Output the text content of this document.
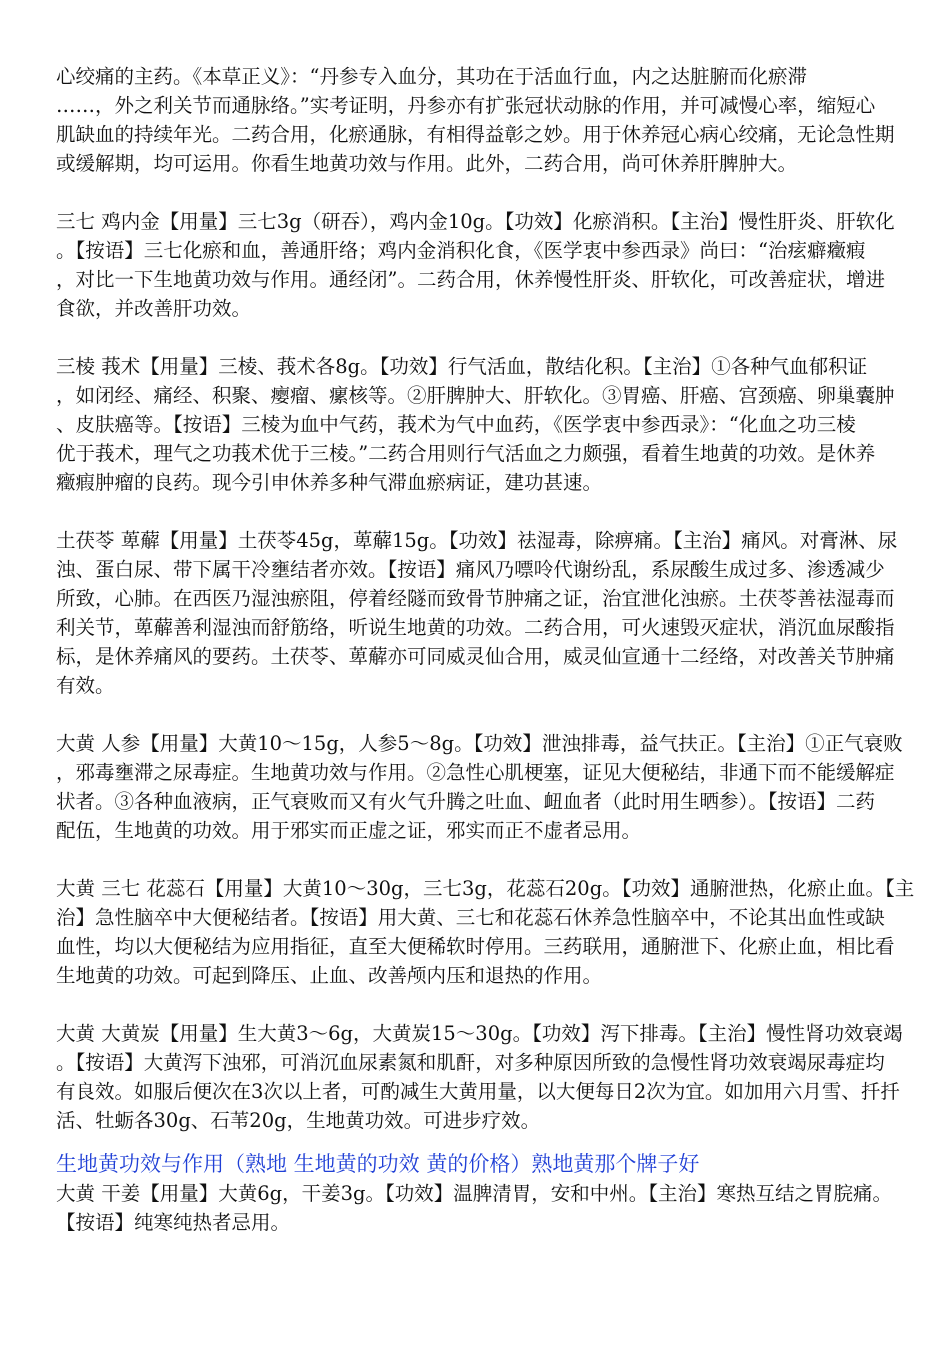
心绞痛的主药。《本草正义》：“丹参专入血分，其功在于活血行血，内之达脏腑而化瘀滞
……，外之利关节而通脉络。”实考证明，丹参亦有扩张冠状动脉的作用，并可减慢心率，缩短心
肌缺血的持续年光。二药合用，化瘀通脉，有相得益彰之妙。用于休养冠心病心绞痛，无论急性期
或缓解期，均可运用。你看生地黄功效与作用。此外，二药合用，尚可休养肝脾肿大。
三七 鸡内金【用量】三七3g（研吞），鸡内金10g。【功效】化瘀消积。【主治】慢性肝炎、肝软化
。【按语】三七化瘀和血，善通肝络；鸡内金消积化食，《医学衷中参西录》尚曰：“治痃癖癥瘕
，对比一下生地黄功效与作用。通经闭”。二药合用，休养慢性肝炎、肝软化，可改善症状，增进
食欲，并改善肝功效。
三棱 莪术【用量】三棱、莪术各8g。【功效】行气活血，散结化积。【主治】①各种气血郁积证
，如闭经、痛经、积聚、瘿瘤、瘰核等。②肝脾肿大、肝软化。③胃癌、肝癌、宫颈癌、卵巢囊肿
、皮肤癌等。【按语】三棱为血中气药，莪术为气中血药，《医学衷中参西录》：“化血之功三棱
优于莪术，理气之功莪术优于三棱。”二药合用则行气活血之力颇强，看着生地黄的功效。是休养
癥瘕肿瘤的良药。现今引申休养多种气滞血瘀病证，建功甚速。
土茯苓 萆薢【用量】土茯苓45g，萆薢15g。【功效】祛湿毒，除痹痛。【主治】痛风。对膏淋、尿
浊、蛋白尿、带下属干冷壅结者亦效。【按语】痛风乃嘌呤代谢纷乱，系尿酸生成过多、渗透减少
所致，心肺。在西医乃湿浊瘀阻，停着经隧而致骨节肿痛之证，治宜泄化浊瘀。土茯苓善祛湿毒而
利关节，萆薢善利湿浊而舒筋络，听说生地黄的功效。二药合用，可火速毁灭症状，消沉血尿酸指
标，是休养痛风的要药。土茯苓、萆薢亦可同威灵仙合用，威灵仙宣通十二经络，对改善关节肿痛
有效。
大黄 人参【用量】大黄10～15g，人参5～8g。【功效】泄浊排毒，益气扶正。【主治】①正气衰败
，邪毒壅滞之尿毒症。生地黄功效与作用。②急性心肌梗塞，证见大便秘结，非通下而不能缓解症
状者。③各种血液病，正气衰败而又有火气升腾之吐血、衄血者（此时用生晒参）。【按语】二药
配伍，生地黄的功效。用于邪实而正虚之证，邪实而正不虚者忌用。
大黄 三七 花蕊石【用量】大黄10～30g，三七3g，花蕊石20g。【功效】通腑泄热，化瘀止血。【主
治】急性脑卒中大便秘结者。【按语】用大黄、三七和花蕊石休养急性脑卒中，不论其出血性或缺
血性，均以大便秘结为应用指征，直至大便稀软时停用。三药联用，通腑泄下、化瘀止血，相比看
生地黄的功效。可起到降压、止血、改善颅内压和退热的作用。
大黄 大黄炭【用量】生大黄3～6g，大黄炭15～30g。【功效】泻下排毒。【主治】慢性肾功效衰竭
。【按语】大黄泻下浊邪，可消沉血尿素氮和肌酐，对多种原因所致的急慢性肾功效衰竭尿毒症均
有良效。如服后便次在3次以上者，可酌减生大黄用量，以大便每日2次为宜。如加用六月雪、扦扦
活、牡蛎各30g、石苇20g，生地黄功效。可进步疗效。
生地黄功效与作用（熟地 生地黄的功效 黄的价格）熟地黄那个牌子好
大黄 干姜【用量】大黄6g，干姜3g。【功效】温脾清胃，安和中州。【主治】寒热互结之胃脘痛。
【按语】纯寒纯热者忌用。
